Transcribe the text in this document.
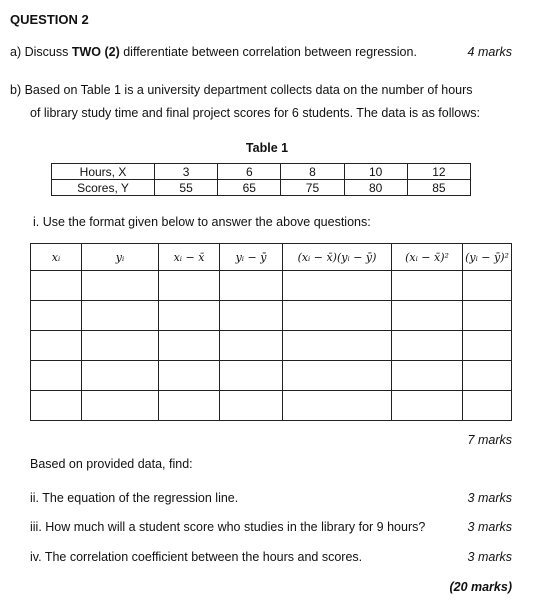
QUESTION 2
a) Discuss TWO (2) differentiate between correlation between regression.	4 marks
b) Based on Table 1 is a university department collects data on the number of hours
of library study time and final project scores for 6 students. The data is as follows:
Table 1
Hours, X	3	6	8	10	12
Scores, Y	55	65	75	80	85
i. Use the format given below to answer the above questions:
xᵢ	yᵢ	xᵢ − x̄	yᵢ − ȳ	(xᵢ − x̄)(yᵢ − ȳ)	(xᵢ − x̄)²	(yᵢ − ȳ)²

7 marks
Based on provided data, find:
ii. The equation of the regression line.	3 marks
iii. How much will a student score who studies in the library for 9 hours?	3 marks
iv. The correlation coefficient between the hours and scores.	3 marks
(20 marks)
